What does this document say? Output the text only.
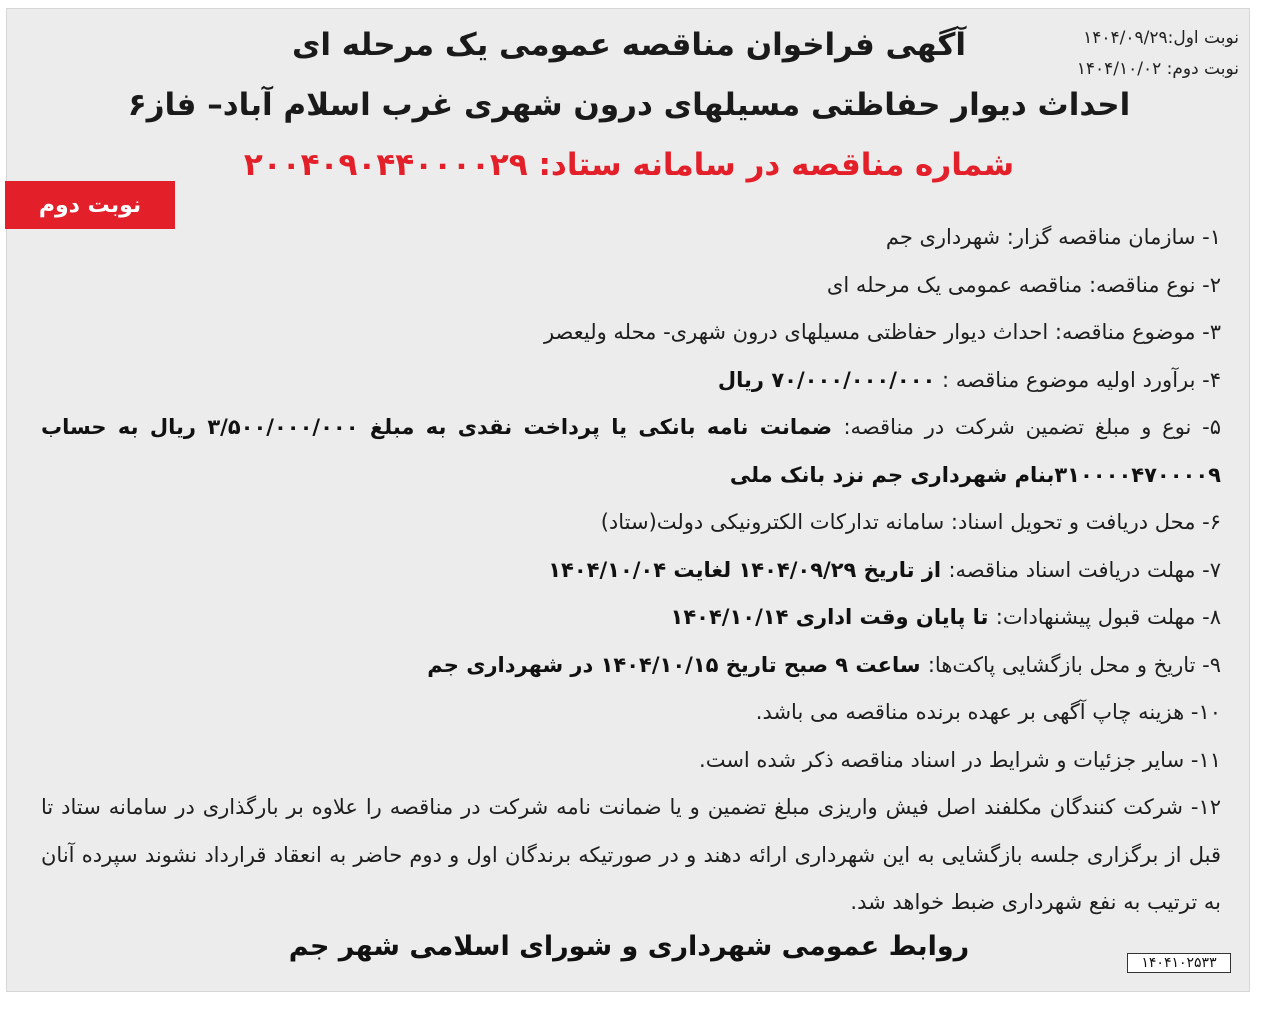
نوبت اول:۱۴۰۴/۰۹/۲۹
نوبت دوم: ۱۴۰۴/۱۰/۰۲
آگهی فراخوان مناقصه عمومی یک مرحله ای
احداث دیوار حفاظتی مسیلهای درون شهری غرب اسلام آباد– فاز۶
شماره مناقصه در سامانه ستاد: ۲۰۰۴۰۹۰۴۴۰۰۰۰۲۹
نوبت دوم
۱- سازمان مناقصه گزار: شهرداری جم
۲- نوع مناقصه: مناقصه عمومی یک مرحله ای
۳- موضوع مناقصه: احداث دیوار حفاظتی مسیلهای درون شهری- محله ولیعصر
۴- برآورد اولیه موضوع مناقصه : ۷۰/۰۰۰/۰۰۰/۰۰۰ ریال
۵- نوع و مبلغ تضمین شرکت در مناقصه: ضمانت نامه بانکی یا پرداخت نقدی به مبلغ ۳/۵۰۰/۰۰۰/۰۰۰ ریال به حساب ۳۱۰۰۰۰۴۷۰۰۰۰۹بنام شهرداری جم نزد بانک ملی
۶- محل دریافت و تحویل اسناد: سامانه تدارکات الکترونیکی دولت(ستاد)
۷- مهلت دریافت اسناد مناقصه: از تاریخ ۱۴۰۴/۰۹/۲۹ لغایت ۱۴۰۴/۱۰/۰۴
۸- مهلت قبول پیشنهادات: تا پایان وقت اداری ۱۴۰۴/۱۰/۱۴
۹- تاریخ و محل بازگشایی پاکت‌ها: ساعت ۹ صبح تاریخ ۱۴۰۴/۱۰/۱۵ در شهرداری جم
۱۰- هزینه چاپ آگهی بر عهده برنده مناقصه می باشد.
۱۱- سایر جزئیات و شرایط در اسناد مناقصه ذکر شده است.
۱۲- شرکت کنندگان مکلفند اصل فیش واریزی مبلغ تضمین و یا ضمانت نامه شرکت در مناقصه را علاوه بر بارگذاری در سامانه ستاد تا قبل از برگزاری جلسه بازگشایی به این شهرداری ارائه دهند و در صورتیکه برندگان اول و دوم حاضر به انعقاد قرارداد نشوند سپرده آنان به ترتیب به نفع شهرداری ضبط خواهد شد.
روابط عمومی شهرداری و شورای اسلامی شهر جم
۱۴۰۴۱۰۲۵۳۳
